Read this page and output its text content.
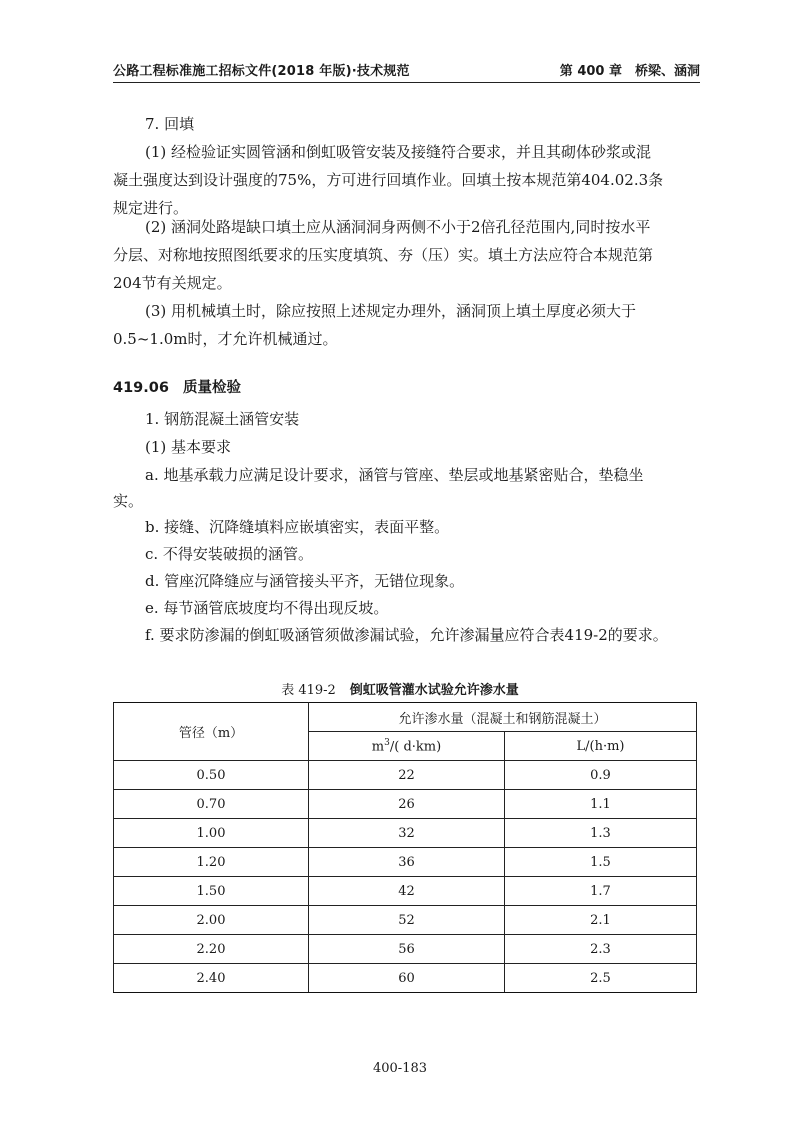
公路工程标准施工招标文件(2018 年版)·技术规范	第 400 章　桥梁、涵洞

7. 回填

(1) 经检验证实圆管涵和倒虹吸管安装及接缝符合要求，并且其砌体砂浆或混

凝土强度达到设计强度的75%，方可进行回填作业。回填土按本规范第404.02.3条

规定进行。

(2) 涵洞处路堤缺口填土应从涵洞洞身两侧不小于2倍孔径范围内,同时按水平

分层、对称地按照图纸要求的压实度填筑、夯（压）实。填土方法应符合本规范第

204节有关规定。

(3) 用机械填土时，除应按照上述规定办理外，涵洞顶上填土厚度必须大于

0.5~1.0m时，才允许机械通过。

419.06 质量检验

1. 钢筋混凝土涵管安装

(1) 基本要求

a. 地基承载力应满足设计要求，涵管与管座、垫层或地基紧密贴合，垫稳坐

实。

b. 接缝、沉降缝填料应嵌填密实，表面平整。

c. 不得安装破损的涵管。

d. 管座沉降缝应与涵管接头平齐，无错位现象。

e. 每节涵管底坡度均不得出现反坡。

f. 要求防渗漏的倒虹吸涵管须做渗漏试验，允许渗漏量应符合表419-2的要求。

表 419-2 倒虹吸管灌水试验允许渗水量
管径（m）	允许渗水量（混凝土和钢筋混凝土）	
	$m^3/$( d·km)	L/(h·m)
0.50	22	0.9
0.70	26	1.1
1.00	32	1.3
1.20	36	1.5
1.50	42	1.7
2.00	52	2.1
2.20	56	2.3
2.40	60	2.5
400-183
